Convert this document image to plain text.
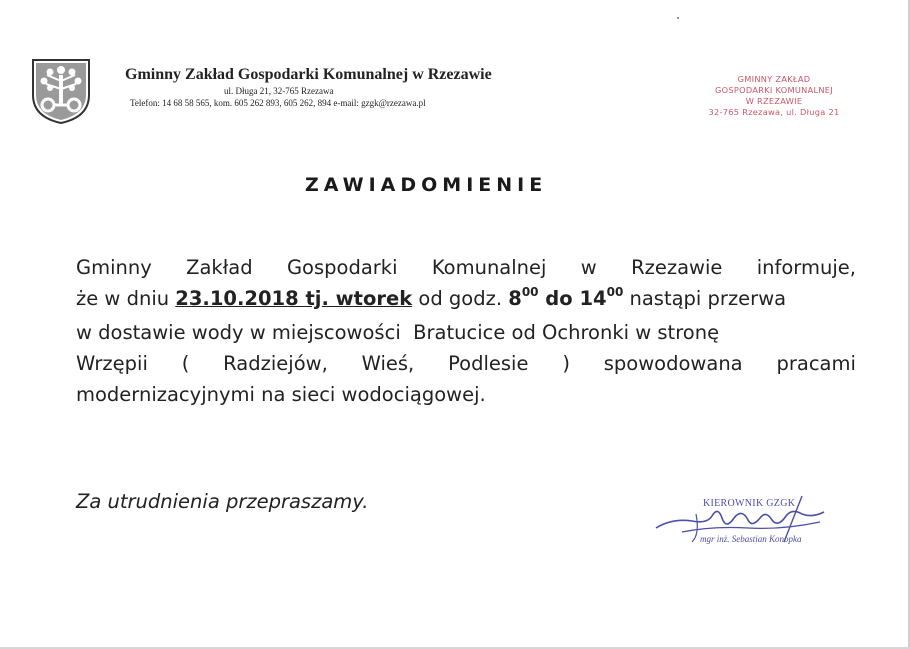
Gminny Zakład Gospodarki Komunalnej w Rzezawie
ul. Długa 21, 32-765 Rzezawa
Telefon: 14 68 58 565, kom. 605 262 893, 605 262, 894 e-mail: gzgk@rzezawa.pl
GMINNY ZAKŁAD
GOSPODARKI KOMUNALNEJ
W RZEZAWIE
32-765 Rzezawa, ul. Długa 21
ZAWIADOMIENIE
Gminny Zakład Gospodarki Komunalnej w Rzezawie informuje,
że w dniu 23.10.2018 tj. wtorek od godz. $8^{00}$ do $14^{00}$ nastąpi przerwa
w dostawie wody w miejscowości  Bratucice od Ochronki w stronę
Wrzępii ( Radziejów, Wieś, Podlesie ) spowodowana pracami
modernizacyjnymi na sieci wodociągowej.
Za utrudnienia przepraszamy.	KIEROWNIK GZGK
mgr inż. Sebastian Konopka
